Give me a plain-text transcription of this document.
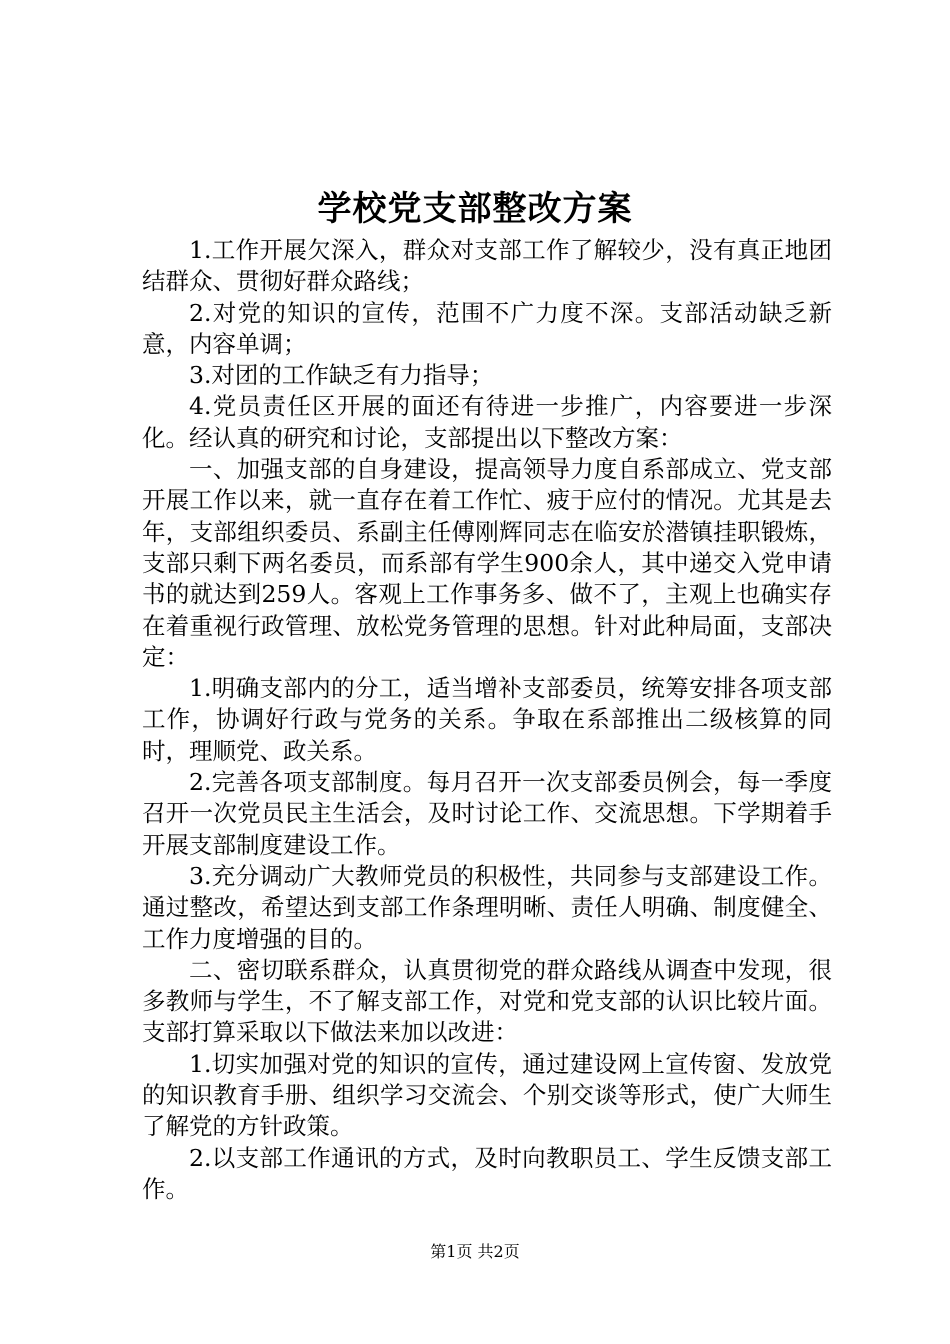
学校党支部整改方案

1.工作开展欠深入，群众对支部工作了解较少，没有真正地团结群众、贯彻好群众路线；

2.对党的知识的宣传，范围不广力度不深。支部活动缺乏新意，内容单调；

3.对团的工作缺乏有力指导；

4.党员责任区开展的面还有待进一步推广，内容要进一步深化。经认真的研究和讨论，支部提出以下整改方案：

一、加强支部的自身建设，提高领导力度自系部成立、党支部开展工作以来，就一直存在着工作忙、疲于应付的情况。尤其是去年，支部组织委员、系副主任傅刚辉同志在临安於潜镇挂职锻炼，支部只剩下两名委员，而系部有学生900余人，其中递交入党申请书的就达到259人。客观上工作事务多、做不了，主观上也确实存在着重视行政管理、放松党务管理的思想。针对此种局面，支部决定：

1.明确支部内的分工，适当增补支部委员，统筹安排各项支部工作，协调好行政与党务的关系。争取在系部推出二级核算的同时，理顺党、政关系。

2.完善各项支部制度。每月召开一次支部委员例会，每一季度召开一次党员民主生活会，及时讨论工作、交流思想。下学期着手开展支部制度建设工作。

3.充分调动广大教师党员的积极性，共同参与支部建设工作。通过整改，希望达到支部工作条理明晰、责任人明确、制度健全、工作力度增强的目的。

二、密切联系群众，认真贯彻党的群众路线从调查中发现，很多教师与学生，不了解支部工作，对党和党支部的认识比较片面。支部打算采取以下做法来加以改进：

1.切实加强对党的知识的宣传，通过建设网上宣传窗、发放党的知识教育手册、组织学习交流会、个别交谈等形式，使广大师生了解党的方针政策。

2.以支部工作通讯的方式，及时向教职员工、学生反馈支部工作。

第1页 共2页
